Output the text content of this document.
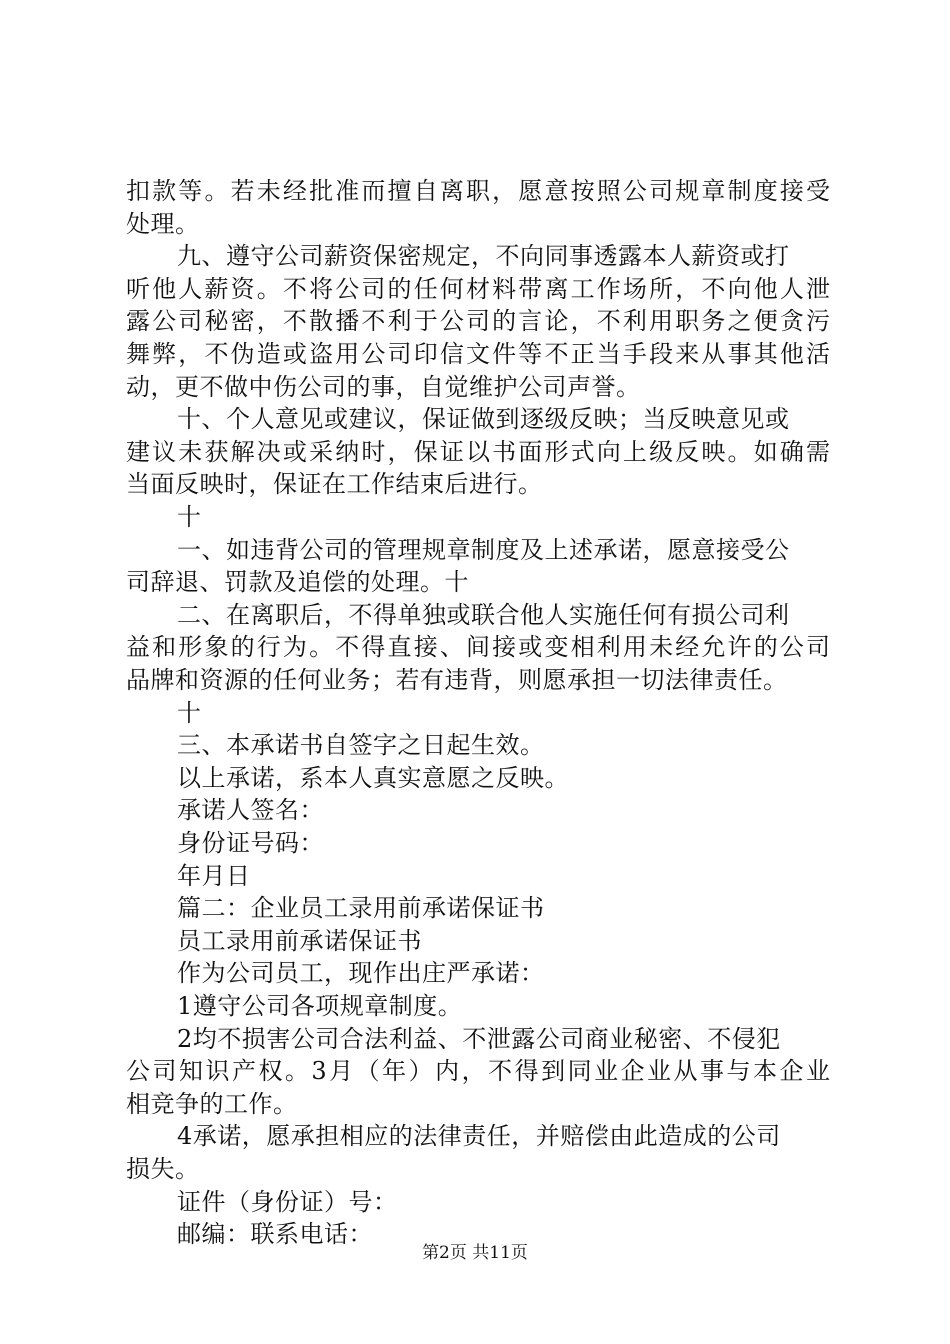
扣款等。若未经批准而擅自离职，愿意按照公司规章制度接受
处理。
九、遵守公司薪资保密规定，不向同事透露本人薪资或打
听他人薪资。不将公司的任何材料带离工作场所，不向他人泄
露公司秘密，不散播不利于公司的言论，不利用职务之便贪污
舞弊，不伪造或盗用公司印信文件等不正当手段来从事其他活
动，更不做中伤公司的事，自觉维护公司声誉。
十、个人意见或建议，保证做到逐级反映；当反映意见或
建议未获解决或采纳时，保证以书面形式向上级反映。如确需
当面反映时，保证在工作结束后进行。
十
一、如违背公司的管理规章制度及上述承诺，愿意接受公
司辞退、罚款及追偿的处理。十
二、在离职后，不得单独或联合他人实施任何有损公司利
益和形象的行为。不得直接、间接或变相利用未经允许的公司
品牌和资源的任何业务；若有违背，则愿承担一切法律责任。
十
三、本承诺书自签字之日起生效。
以上承诺，系本人真实意愿之反映。
承诺人签名：
身份证号码：
年月日
篇二：企业员工录用前承诺保证书
员工录用前承诺保证书
作为公司员工，现作出庄严承诺：
1遵守公司各项规章制度。
2均不损害公司合法利益、不泄露公司商业秘密、不侵犯
公司知识产权。3月（年）内，不得到同业企业从事与本企业
相竞争的工作。
4承诺，愿承担相应的法律责任，并赔偿由此造成的公司
损失。
证件（身份证）号：
邮编：联系电话：
第2页 共11页
